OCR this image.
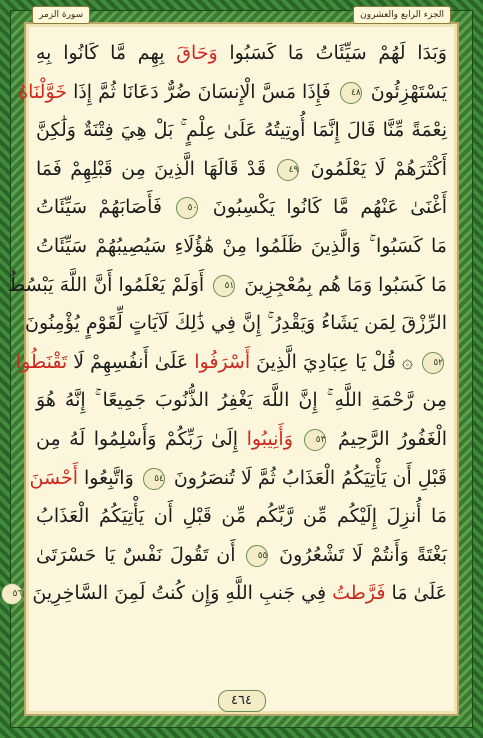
الجزء الرابع والعشرون
سورة الزمر
وَبَدَا لَهُمْ سَيِّئَاتُ مَا كَسَبُوا وَحَاقَ بِهِم مَّا كَانُوا بِهِ
يَسْتَهْزِئُونَ ٤٨ فَإِذَا مَسَّ الْإِنسَانَ ضُرٌّ دَعَانَا ثُمَّ إِذَا خَوَّلْنَاهُ
نِعْمَةً مِّنَّا قَالَ إِنَّمَا أُوتِيتُهُ عَلَىٰ عِلْمٍ ۚ بَلْ هِيَ فِتْنَةٌ وَلَٰكِنَّ
أَكْثَرَهُمْ لَا يَعْلَمُونَ ٤٩ قَدْ قَالَهَا الَّذِينَ مِن قَبْلِهِمْ فَمَا
أَغْنَىٰ عَنْهُم مَّا كَانُوا يَكْسِبُونَ ٥٠ فَأَصَابَهُمْ سَيِّئَاتُ
مَا كَسَبُوا ۚ وَالَّذِينَ ظَلَمُوا مِنْ هَٰؤُلَاءِ سَيُصِيبُهُمْ سَيِّئَاتُ
مَا كَسَبُوا وَمَا هُم بِمُعْجِزِينَ ٥١ أَوَلَمْ يَعْلَمُوا أَنَّ اللَّهَ يَبْسُطُ
الرِّزْقَ لِمَن يَشَاءُ وَيَقْدِرُ ۚ إِنَّ فِي ذَٰلِكَ لَآيَاتٍ لِّقَوْمٍ يُؤْمِنُونَ
٥٢ ۞ قُلْ يَا عِبَادِيَ الَّذِينَ أَسْرَفُوا عَلَىٰ أَنفُسِهِمْ لَا تَقْنَطُوا
مِن رَّحْمَةِ اللَّهِ ۚ إِنَّ اللَّهَ يَغْفِرُ الذُّنُوبَ جَمِيعًا ۚ إِنَّهُ هُوَ
الْغَفُورُ الرَّحِيمُ ٥٣ وَأَنِيبُوا إِلَىٰ رَبِّكُمْ وَأَسْلِمُوا لَهُ مِن
قَبْلِ أَن يَأْتِيَكُمُ الْعَذَابُ ثُمَّ لَا تُنصَرُونَ ٥٤ وَاتَّبِعُوا أَحْسَنَ
مَا أُنزِلَ إِلَيْكُم مِّن رَّبِّكُم مِّن قَبْلِ أَن يَأْتِيَكُمُ الْعَذَابُ
بَغْتَةً وَأَنتُمْ لَا تَشْعُرُونَ ٥٥ أَن تَقُولَ نَفْسٌ يَا حَسْرَتَىٰ
عَلَىٰ مَا فَرَّطتُ فِي جَنبِ اللَّهِ وَإِن كُنتُ لَمِنَ السَّاخِرِينَ ٥٦
٤٦٤
